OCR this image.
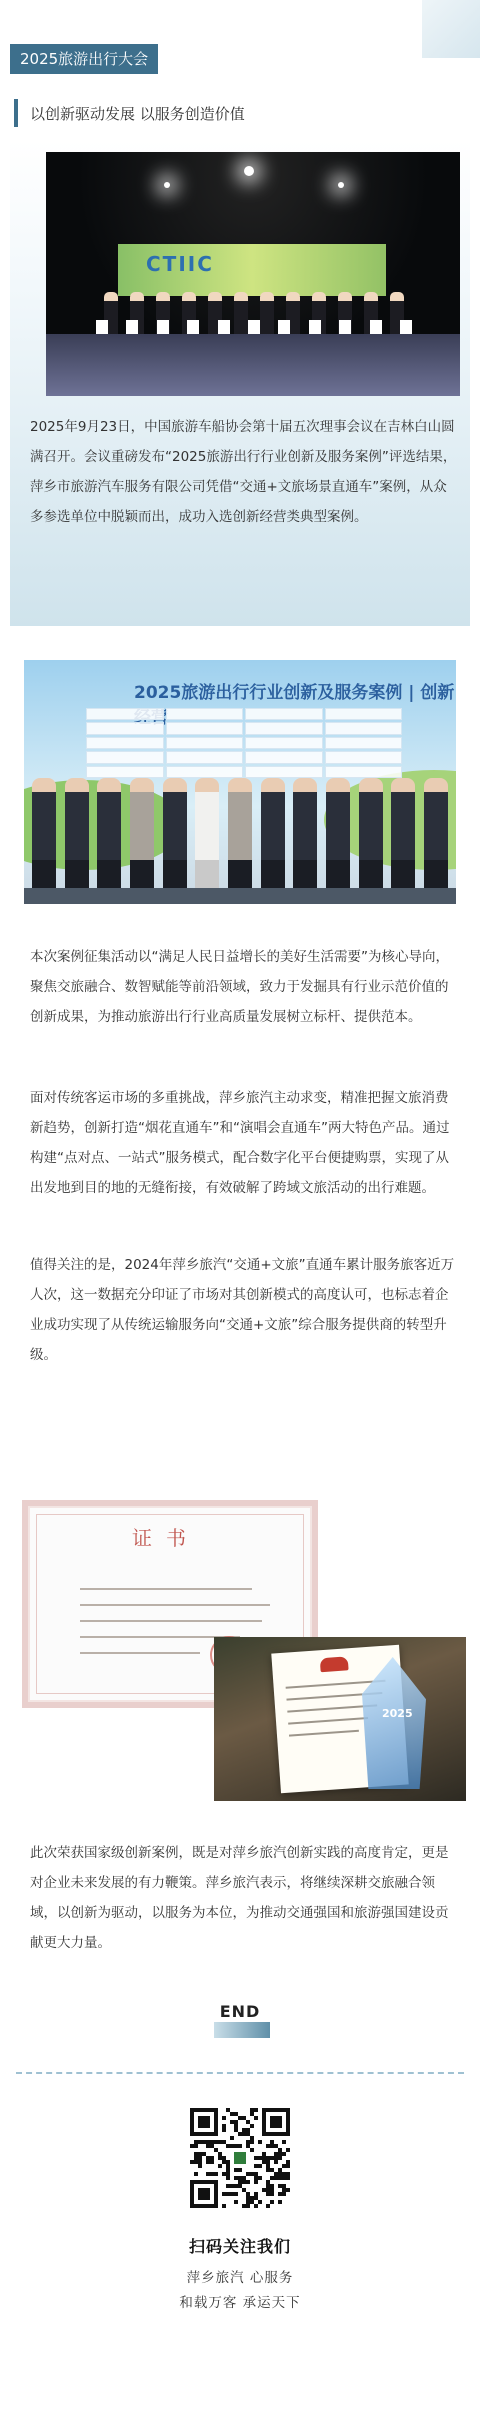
2025旅游出行大会
以创新驱动发展 以服务创造价值
CTIIC

2025年9月23日，中国旅游车船协会第十届五次理事会议在吉林白山圆满召开。会议重磅发布“2025旅游出行行业创新及服务案例”评选结果，萍乡市旅游汽车服务有限公司凭借“交通+文旅场景直通车”案例，从众多参选单位中脱颖而出，成功入选创新经营类典型案例。

2025旅游出行行业创新及服务案例 | 创新

本次案例征集活动以“满足人民日益增长的美好生活需要”为核心导向，聚焦交旅融合、数智赋能等前沿领域，致力于发掘具有行业示范价值的创新成果，为推动旅游出行行业高质量发展树立标杆、提供范本。

面对传统客运市场的多重挑战，萍乡旅汽主动求变，精准把握文旅消费新趋势，创新打造“烟花直通车”和“演唱会直通车”两大特色产品。通过构建“点对点、一站式”服务模式，配合数字化平台便捷购票，实现了从出发地到目的地的无缝衔接，有效破解了跨域文旅活动的出行难题。

值得关注的是，2024年萍乡旅汽“交通+文旅”直通车累计服务旅客近万人次，这一数据充分印证了市场对其创新模式的高度认可，也标志着企业成功实现了从传统运输服务向“交通+文旅”综合服务提供商的转型升级。

证书
2025

此次荣获国家级创新案例，既是对萍乡旅汽创新实践的高度肯定，更是对企业未来发展的有力鞭策。萍乡旅汽表示，将继续深耕交旅融合领域，以创新为驱动，以服务为本位，为推动交通强国和旅游强国建设贡献更大力量。

END
扫码关注我们
萍乡旅汽 心服务
和载万客 承运天下
